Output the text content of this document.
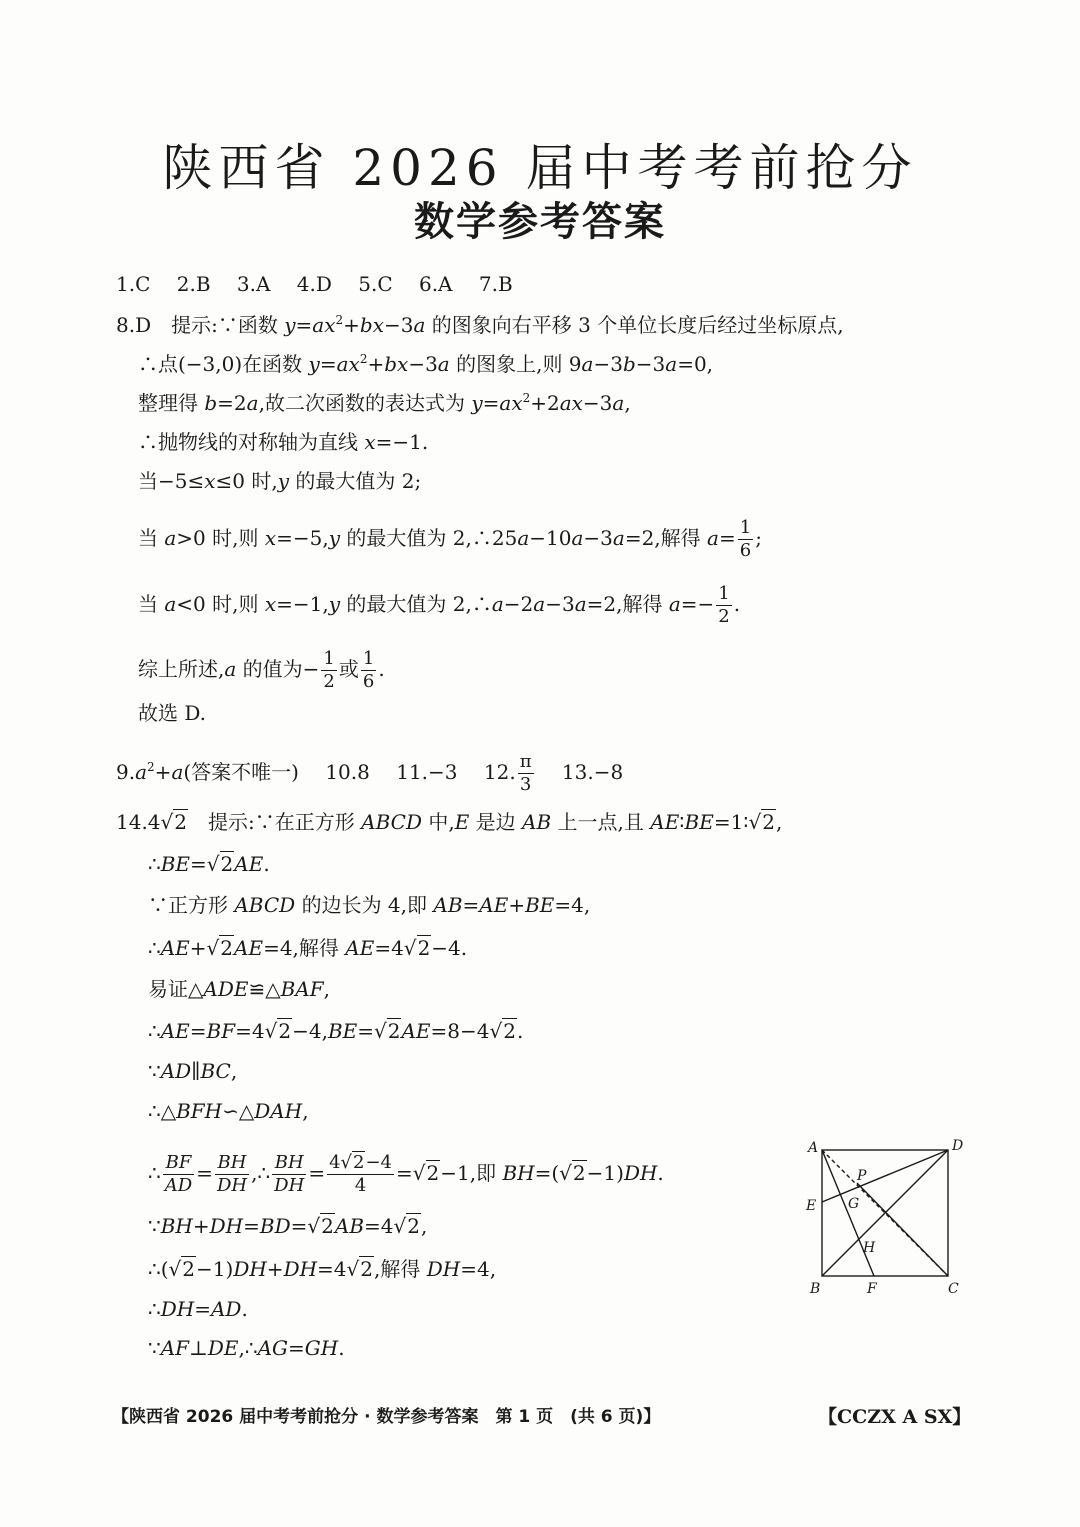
陕西省 2026 届中考考前抢分
数学参考答案
1.C　 2.B　 3.A　 4.D　 5.C　 6.A　 7.B
8.D　提示:∵函数 $y=ax^2+bx-3a$ 的图象向右平移 3 个单位长度后经过坐标原点,
∴点(−3,0)在函数 $y=ax^2+bx-3a$ 的图象上,则 9a−3b−3a=0,
整理得 b=2a,故二次函数的表达式为 $y=ax^2+2ax-3a$,
∴抛物线的对称轴为直线 x=−1.
当−5≤x≤0 时,y 的最大值为 2;
当 a>0 时,则 x=−5,y 的最大值为 2,∴25a−10a−3a=2,解得 $a= \frac{1}{6}$ ;
当 a<0 时,则 x=−1,y 的最大值为 2,∴a−2a−3a=2,解得 $a=- \frac{1}{2}$ .
综上所述,a 的值为− $\frac{1}{2}$ 或 $\frac{1}{6}$ .
故选 D.
$9.a^2+a$(答案不唯一)　 10.8　 11.−3　 12. $\frac{\pi}{3}$ 　 13.−8
14.4√2　提示:∵在正方形 ABCD 中,E 是边 AB 上一点,且 AE∶BE=1∶√2,
∴BE=√2AE.
∵正方形 ABCD 的边长为 4,即 AB=AE+BE=4,
∴AE+√2AE=4,解得 AE=4√2−4.
易证△ADE≌△BAF,
∴AE=BF=4√2−4,BE=√2AE=8−4√2.
∵AD∥BC,
∴△BFH∽△DAH,
∴ $\frac{BF}{AD} = \frac{BH}{DH}$ ,∴ $\frac{BH}{DH} = \frac{4√2-4}{4} =√2-1$,即 BH=(√2−1)DH.
∵BH+DH=BD=√2AB=4√2,
∴(√2−1)DH+DH=4√2,解得 DH=4,
∴DH=AD.
∵AF⊥DE,∴AG=GH.
A	D
E
B	F	C
P
G
H
【陕西省 2026 届中考考前抢分 · 数学参考答案　第 1 页　(共 6 页)】	【CCZX A SX】
